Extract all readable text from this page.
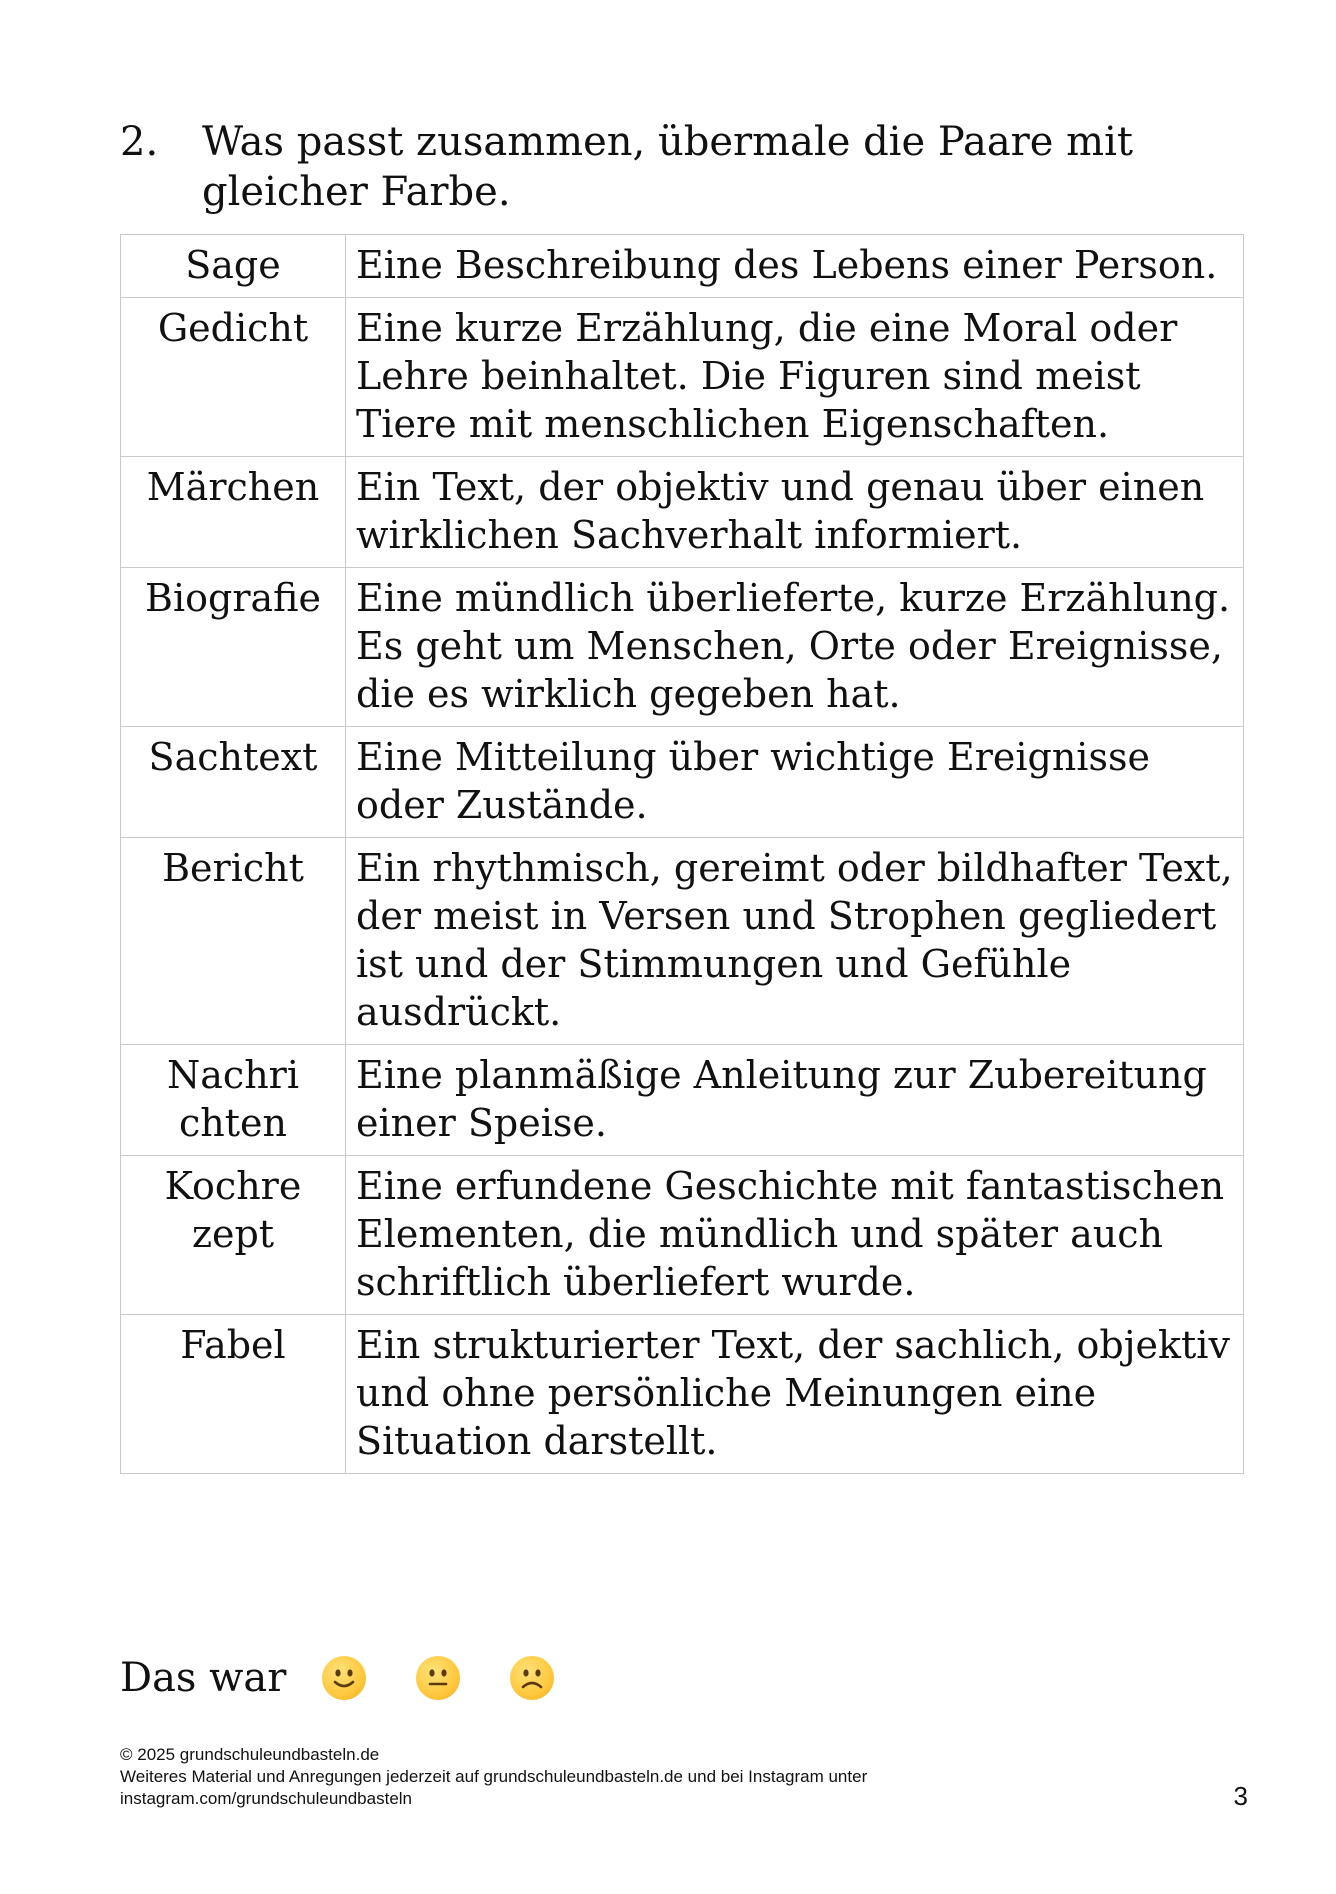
2.	Was passt zusammen, übermale die Paare mit gleicher Farbe.
Sage	Eine Beschreibung des Lebens einer Person.
Gedicht	Eine kurze Erzählung, die eine Moral oder Lehre beinhaltet. Die Figuren sind meist Tiere mit menschlichen Eigenschaften.
Märchen	Ein Text, der objektiv und genau über einen wirklichen Sachverhalt informiert.
Biografie	Eine mündlich überlieferte, kurze Erzählung. Es geht um Menschen, Orte oder Ereignisse, die es wirklich gegeben hat.
Sachtext	Eine Mitteilung über wichtige Ereignisse oder Zustände.
Bericht	Ein rhythmisch, gereimt oder bildhafter Text, der meist in Versen und Strophen gegliedert ist und der Stimmungen und Gefühle ausdrückt.
Nachrichten	Eine planmäßige Anleitung zur Zubereitung einer Speise.
Kochrezept	Eine erfundene Geschichte mit fantastischen Elementen, die mündlich und später auch schriftlich überliefert wurde.
Fabel	Ein strukturierter Text, der sachlich, objektiv und ohne persönliche Meinungen eine Situation darstellt.
Das war
© 2025 grundschuleundbasteln.de
Weiteres Material und Anregungen jederzeit auf grundschuleundbasteln.de und bei Instagram unter instagram.com/grundschuleundbasteln	3
